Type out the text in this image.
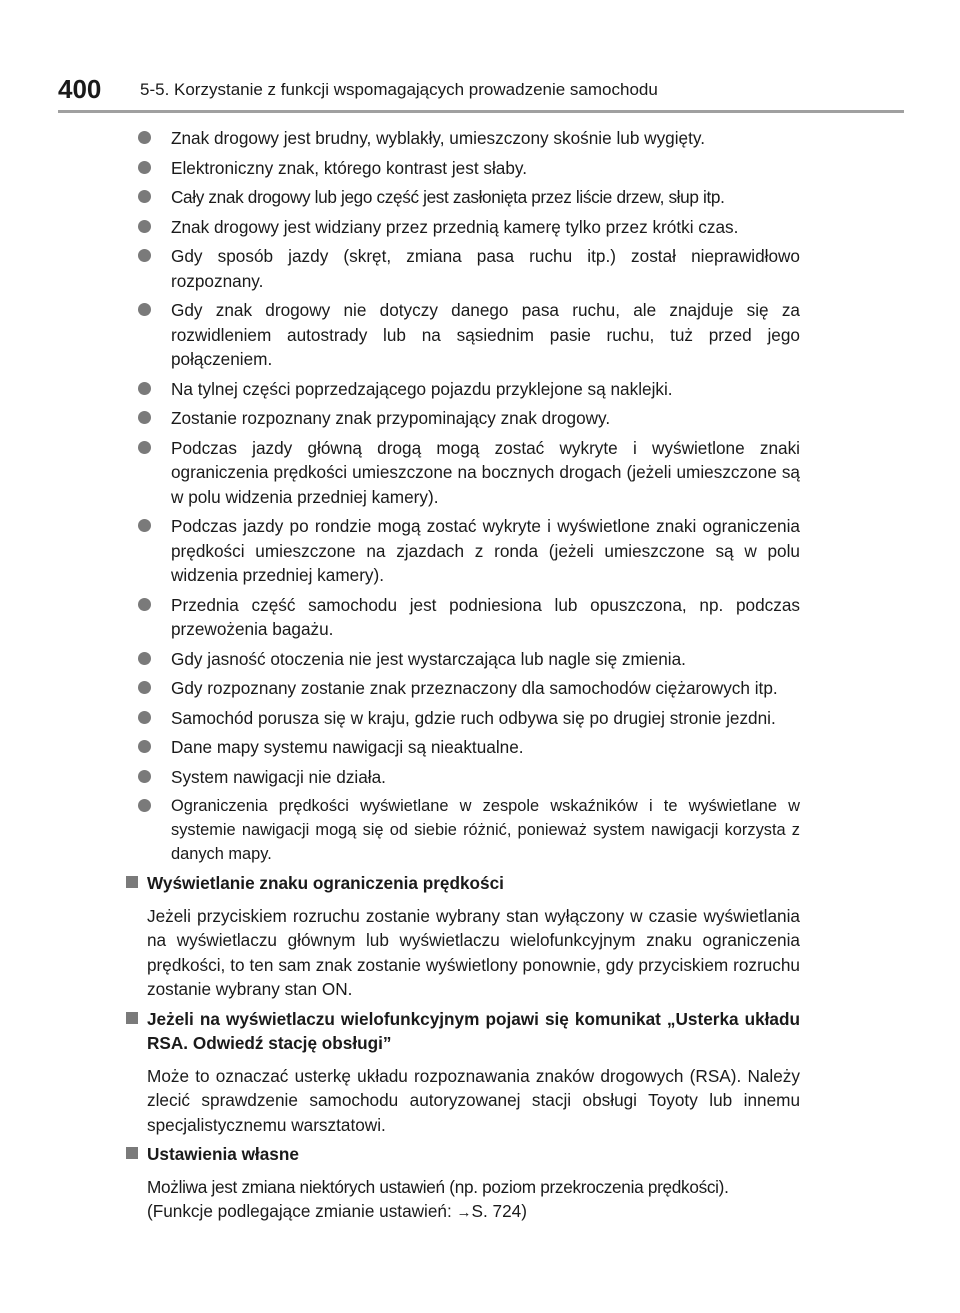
400 5-5. Korzystanie z funkcji wspomagających prowadzenie samochodu
Znak drogowy jest brudny, wyblakły, umieszczony skośnie lub wygięty.
Elektroniczny znak, którego kontrast jest słaby.
Cały znak drogowy lub jego część jest zasłonięta przez liście drzew, słup itp.
Znak drogowy jest widziany przez przednią kamerę tylko przez krótki czas.
Gdy sposób jazdy (skręt, zmiana pasa ruchu itp.) został nieprawidłowo rozpoznany.
Gdy znak drogowy nie dotyczy danego pasa ruchu, ale znajduje się za rozwidleniem autostrady lub na sąsiednim pasie ruchu, tuż przed jego połączeniem.
Na tylnej części poprzedzającego pojazdu przyklejone są naklejki.
Zostanie rozpoznany znak przypominający znak drogowy.
Podczas jazdy główną drogą mogą zostać wykryte i wyświetlone znaki ograniczenia prędkości umieszczone na bocznych drogach (jeżeli umieszczone są w polu widzenia przedniej kamery).
Podczas jazdy po rondzie mogą zostać wykryte i wyświetlone znaki ograniczenia prędkości umieszczone na zjazdach z ronda (jeżeli umieszczone są w polu widzenia przedniej kamery).
Przednia część samochodu jest podniesiona lub opuszczona, np. podczas przewożenia bagażu.
Gdy jasność otoczenia nie jest wystarczająca lub nagle się zmienia.
Gdy rozpoznany zostanie znak przeznaczony dla samochodów ciężarowych itp.
Samochód porusza się w kraju, gdzie ruch odbywa się po drugiej stronie jezdni.
Dane mapy systemu nawigacji są nieaktualne.
System nawigacji nie działa.
Ograniczenia prędkości wyświetlane w zespole wskaźników i te wyświetlane w systemie nawigacji mogą się od siebie różnić, ponieważ system nawigacji korzysta z danych mapy.
Wyświetlanie znaku ograniczenia prędkości
Jeżeli przyciskiem rozruchu zostanie wybrany stan wyłączony w czasie wyświetlania na wyświetlaczu głównym lub wyświetlaczu wielofunkcyjnym znaku ograniczenia prędkości, to ten sam znak zostanie wyświetlony ponownie, gdy przyciskiem rozruchu zostanie wybrany stan ON.
Jeżeli na wyświetlaczu wielofunkcyjnym pojawi się komunikat „Usterka układu RSA. Odwiedź stację obsługi”
Może to oznaczać usterkę układu rozpoznawania znaków drogowych (RSA). Należy zlecić sprawdzenie samochodu autoryzowanej stacji obsługi Toyoty lub innemu specjalistycznemu warsztatowi.
Ustawienia własne
Możliwa jest zmiana niektórych ustawień (np. poziom przekroczenia prędkości).
(Funkcje podlegające zmianie ustawień: →S. 724)
